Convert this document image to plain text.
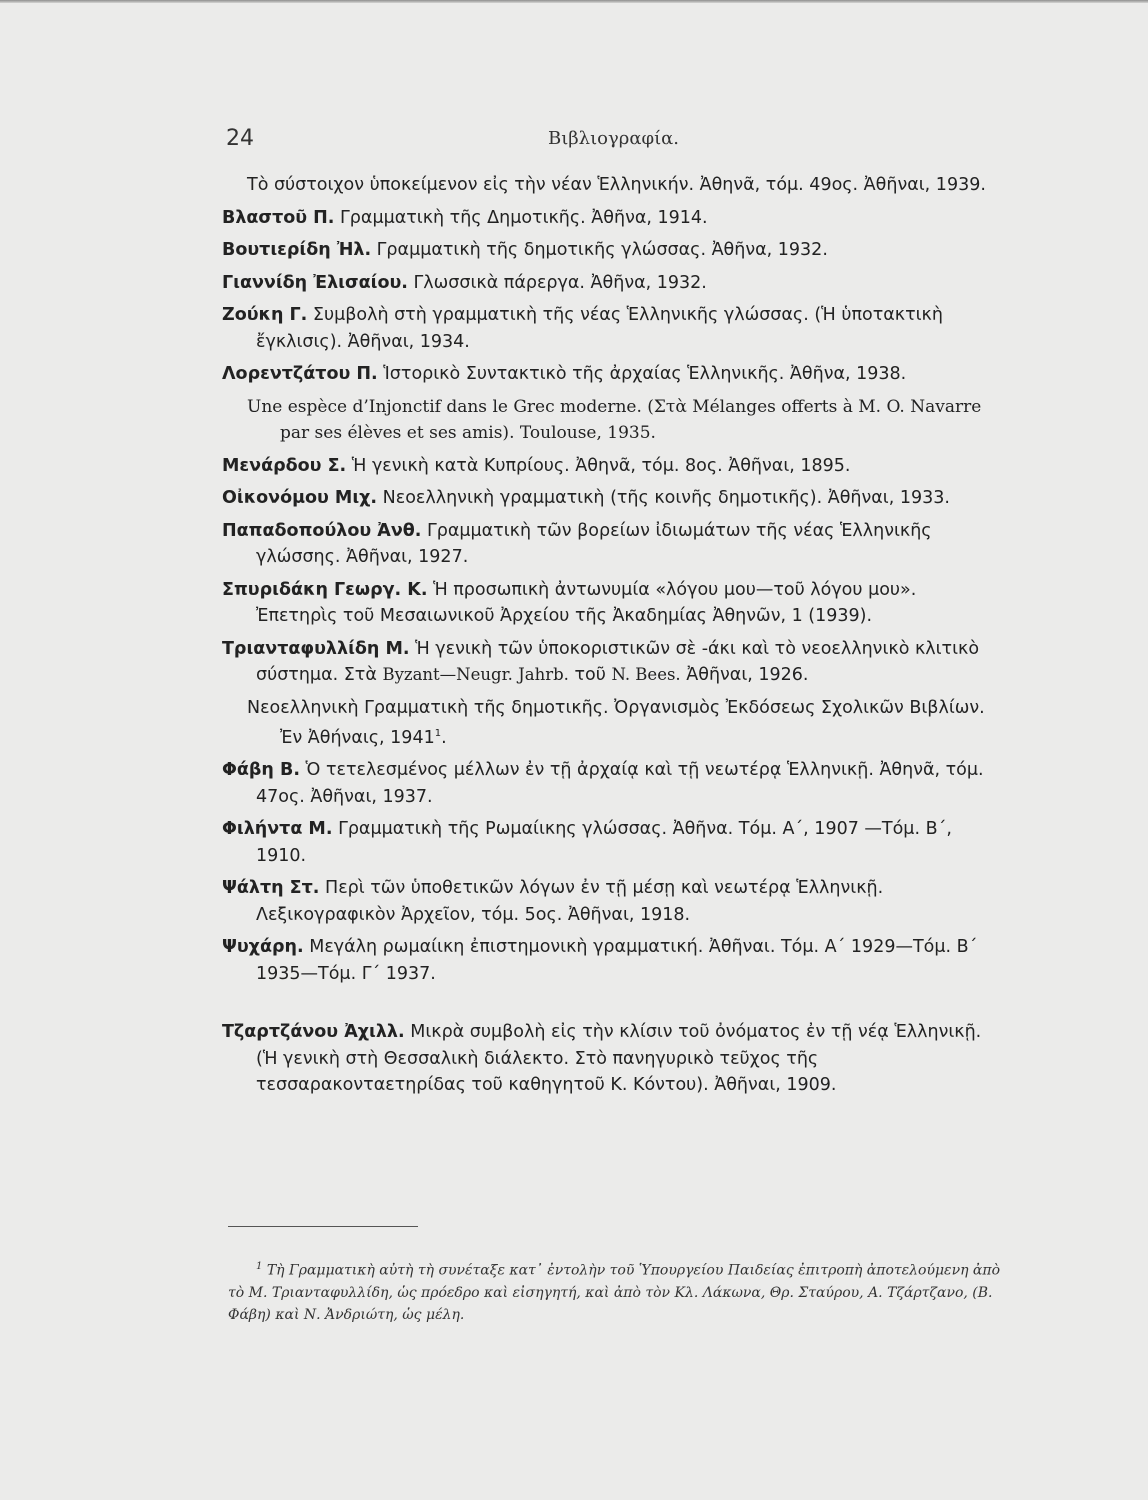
24	Βιβλιογραφία.

Τὸ σύστοιχον ὑποκείμενον εἰς τὴν νέαν Ἑλληνικήν. Ἀθηνᾶ, τόμ. 49ος. Ἀθῆναι, 1939.

Βλαστοῦ Π. Γραμματικὴ τῆς Δημοτικῆς. Ἀθῆνα, 1914.

Βουτιερίδη Ἠλ. Γραμματικὴ τῆς δημοτικῆς γλώσσας. Ἀθῆνα, 1932.

Γιαννίδη Ἐλισαίου. Γλωσσικὰ πάρεργα. Ἀθῆνα, 1932.

Ζούκη Γ. Συμβολὴ στὴ γραμματικὴ τῆς νέας Ἑλληνικῆς γλώσσας. (Ἡ ὑποτακτικὴ ἔγκλισις). Ἀθῆναι, 1934.

Λορεντζάτου Π. Ἱστορικὸ Συντακτικὸ τῆς ἀρχαίας Ἑλληνικῆς. Ἀθῆνα, 1938.

Une espèce d’Injonctif dans le Grec moderne. (Στὰ Mélanges offerts à M. O. Navarre par ses élèves et ses amis). Toulouse, 1935.

Μενάρδου Σ. Ἡ γενικὴ κατὰ Κυπρίους. Ἀθηνᾶ, τόμ. 8ος. Ἀθῆναι, 1895.

Οἰκονόμου Μιχ. Νεοελληνικὴ γραμματικὴ (τῆς κοινῆς δημοτικῆς). Ἀθῆναι, 1933.

Παπαδοπούλου Ἀνθ. Γραμματικὴ τῶν βορείων ἰδιωμάτων τῆς νέας Ἑλληνικῆς γλώσσης. Ἀθῆναι, 1927.

Σπυριδάκη Γεωργ. Κ. Ἡ προσωπικὴ ἀντωνυμία «λόγου μου—τοῦ λόγου μου». Ἐπετηρὶς τοῦ Μεσαιωνικοῦ Ἀρχείου τῆς Ἀκαδημίας Ἀθηνῶν, 1 (1939).

Τριανταφυλλίδη Μ. Ἡ γενικὴ τῶν ὑποκοριστικῶν σὲ -άκι καὶ τὸ νεοελληνικὸ κλιτικὸ σύστημα. Στὰ Byzant—Neugr. Jahrb. τοῦ N. Bees. Ἀθῆναι, 1926.

Νεοελληνικὴ Γραμματικὴ τῆς δημοτικῆς. Ὀργανισμὸς Ἐκδόσεως Σχολικῶν Βιβλίων. Ἐν Ἀθήναις, 1941$^1$.

Φάβη Β. Ὁ τετελεσμένος μέλλων ἐν τῇ ἀρχαίᾳ καὶ τῇ νεωτέρᾳ Ἑλληνικῇ. Ἀθηνᾶ, τόμ. 47ος. Ἀθῆναι, 1937.

Φιλήντα Μ. Γραμματικὴ τῆς Ρωμαίικης γλώσσας. Ἀθῆνα. Τόμ. Α΄, 1907 —Τόμ. Β΄, 1910.

Ψάλτη Στ. Περὶ τῶν ὑποθετικῶν λόγων ἐν τῇ μέσῃ καὶ νεωτέρᾳ Ἑλληνικῇ. Λεξικογραφικὸν Ἀρχεῖον, τόμ. 5ος. Ἀθῆναι, 1918.

Ψυχάρη. Μεγάλη ρωμαίικη ἐπιστημονικὴ γραμματική. Ἀθῆναι. Τόμ. Α΄ 1929—Τόμ. Β΄ 1935—Τόμ. Γ΄ 1937.

Τζαρτζάνου Ἀχιλλ. Μικρὰ συμβολὴ εἰς τὴν κλίσιν τοῦ ὀνόματος ἐν τῇ νέᾳ Ἑλληνικῇ. (Ἡ γενικὴ στὴ Θεσσαλικὴ διάλεκτο. Στὸ πανηγυρικὸ τεῦχος τῆς τεσσαρακονταετηρίδας τοῦ καθηγητοῦ Κ. Κόντου). Ἀθῆναι, 1909.

$^1$ Τὴ Γραμματικὴ αὐτὴ τὴ συνέταξε κατ᾽ ἐντολὴν τοῦ Ὑπουργείου Παιδείας ἐπιτροπὴ ἀποτελούμενη ἀπὸ τὸ Μ. Τριανταφυλλίδη, ὡς πρόεδρο καὶ εἰσηγητή, καὶ ἀπὸ τὸν Κλ. Λάκωνα, Θρ. Σταύρου, Α. Τζάρτζανο, (Β. Φάβη) καὶ Ν. Ἀνδριώτη, ὡς μέλη.
